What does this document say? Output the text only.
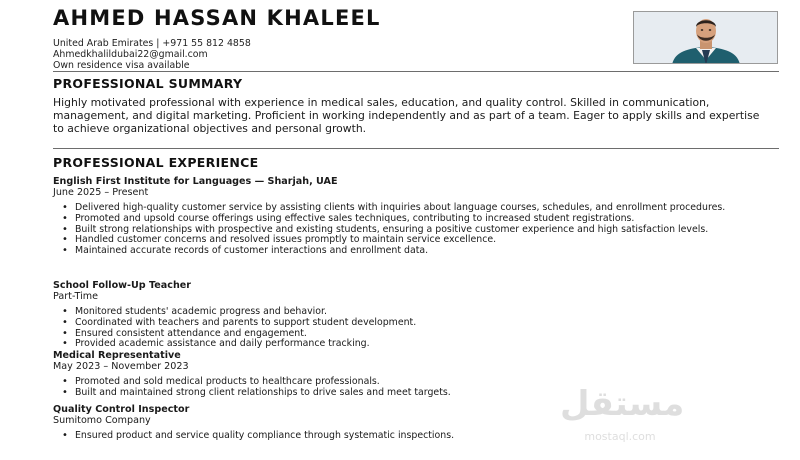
AHMED HASSAN KHALEEL
United Arab Emirates | +971 55 812 4858
Ahmedkhalildubai22@gmail.com
Own residence visa available
PROFESSIONAL SUMMARY
Highly motivated professional with experience in medical sales, education, and quality control. Skilled in communication, management, and digital marketing. Proficient in working independently and as part of a team. Eager to apply skills and expertise to achieve organizational objectives and personal growth.
PROFESSIONAL EXPERIENCE
English First Institute for Languages — Sharjah, UAE
June 2025 – Present
• Delivered high-quality customer service by assisting clients with inquiries about language courses, schedules, and enrollment procedures.
• Promoted and upsold course offerings using effective sales techniques, contributing to increased student registrations.
• Built strong relationships with prospective and existing students, ensuring a positive customer experience and high satisfaction levels.
• Handled customer concerns and resolved issues promptly to maintain service excellence.
• Maintained accurate records of customer interactions and enrollment data.
School Follow-Up Teacher
Part-Time
• Monitored students' academic progress and behavior.
• Coordinated with teachers and parents to support student development.
• Ensured consistent attendance and engagement.
• Provided academic assistance and daily performance tracking.
Medical Representative
May 2023 – November 2023
• Promoted and sold medical products to healthcare professionals.
• Built and maintained strong client relationships to drive sales and meet targets.
Quality Control Inspector
Sumitomo Company
• Ensured product and service quality compliance through systematic inspections.
مستقل
mostaql.com
